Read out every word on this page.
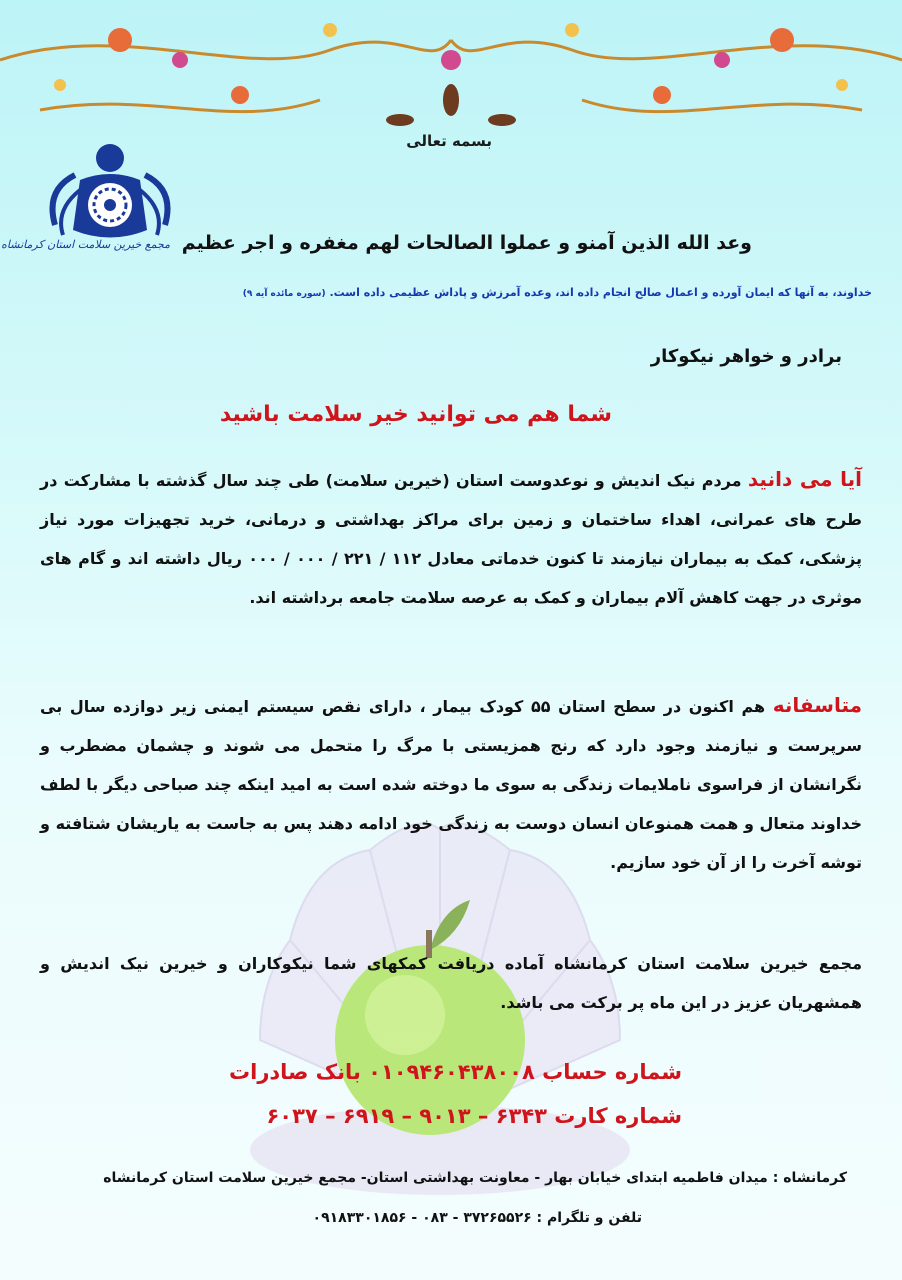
مجمع خیرین سلامت استان کرمانشاه
بسمه تعالی
وعد الله الذین آمنو و عملوا الصالحات لهم مغفره و اجر عظیم
خداوند، به آنها که ایمان آورده و اعمال صالح انجام داده اند، وعده آمرزش و پاداش عظیمی داده است. (سوره مائده آیه ۹)
برادر و خواهر نیکوکار
شما هم می توانید خیر سلامت باشید
آیا می دانید مردم نیک اندیش و نوعدوست استان (خیرین سلامت) طی چند سال گذشته با مشارکت در طرح های عمرانی، اهداء ساختمان و زمین برای مراکز بهداشتی و درمانی، خرید تجهیزات مورد نیاز پزشکی، کمک به بیماران نیازمند تا کنون خدماتی معادل ۱۱۲ / ۲۲۱ / ۰۰۰ / ۰۰۰ ریال داشته اند و گام های موثری در جهت کاهش آلام بیماران و کمک به عرصه سلامت جامعه برداشته اند.
متاسفانه هم اکنون در سطح استان ۵۵ کودک بیمار ، دارای نقص سیستم ایمنی زیر دوازده سال بی سرپرست و نیازمند وجود دارد که رنج همزیستی با مرگ را متحمل می شوند و چشمان مضطرب و نگرانشان از فراسوی ناملایمات زندگی به سوی ما دوخته شده است به امید اینکه چند صباحی دیگر با لطف خداوند متعال و همت همنوعان انسان دوست به زندگی خود ادامه دهند پس به جاست به یاریشان شتافته و توشه آخرت را از آن خود سازیم.
مجمع خیرین سلامت استان کرمانشاه آماده دریافت کمکهای شما نیکوکاران و خیرین نیک اندیش و همشهریان عزیز در این ماه پر برکت می باشد.
شماره حساب ۰۱۰۹۴۶۰۴۳۸۰۰۸ بانک صادرات
شماره کارت ۶۳۴۳ – ۹۰۱۳ – ۶۹۱۹ – ۶۰۳۷
کرمانشاه : میدان فاطمیه ابتدای خیابان بهار - معاونت بهداشتی استان- مجمع خیرین سلامت استان کرمانشاه
تلفن و تلگرام : ۳۷۲۶۵۵۲۶ - ۰۸۳ - ۰۹۱۸۳۳۰۱۸۵۶
